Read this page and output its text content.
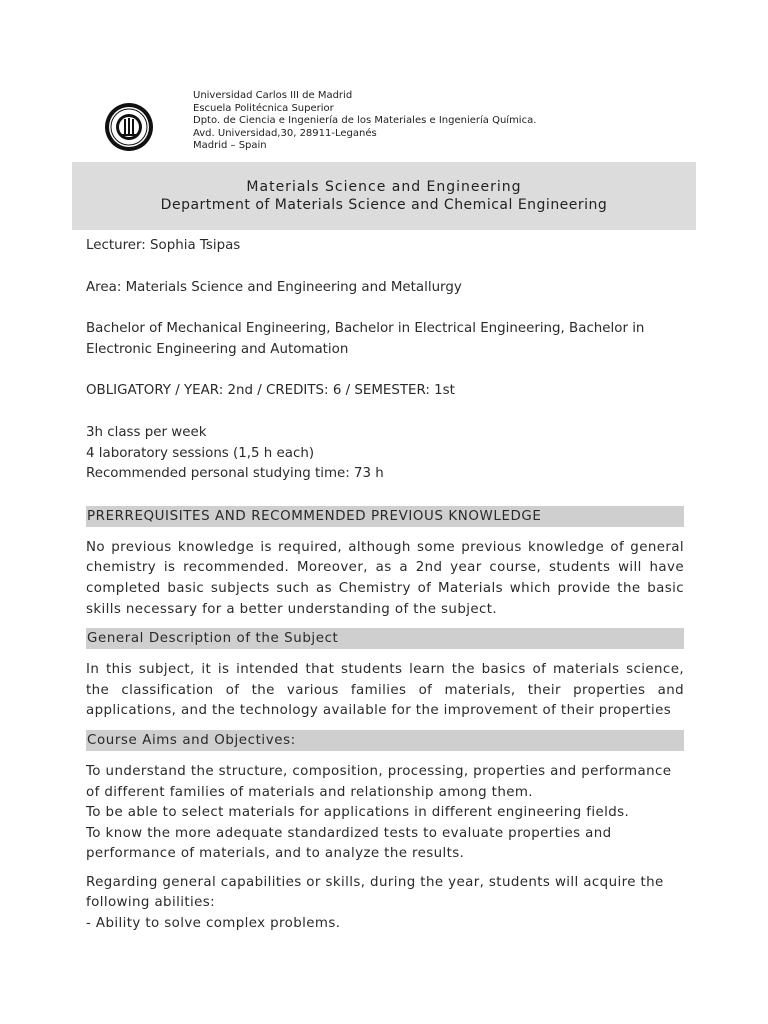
Universidad Carlos III de Madrid
Escuela Politécnica Superior
Dpto. de Ciencia e Ingeniería de los Materiales e Ingeniería Química.
Avd. Universidad,30, 28911-Leganés
Madrid – Spain
Materials Science and Engineering
Department of Materials Science and Chemical Engineering

Lecturer: Sophia Tsipas

Area: Materials Science and Engineering and Metallurgy

Bachelor of Mechanical Engineering, Bachelor in Electrical Engineering, Bachelor in Electronic Engineering and Automation

OBLIGATORY / YEAR: 2nd / CREDITS: 6 / SEMESTER: 1st

3h class per week
4 laboratory sessions (1,5 h each)
Recommended personal studying time: 73 h

PRERREQUISITES AND RECOMMENDED PREVIOUS KNOWLEDGE

No previous knowledge is required, although some previous knowledge of general chemistry is recommended. Moreover, as a 2nd year course, students will have completed basic subjects such as Chemistry of Materials which provide the basic skills necessary for a better understanding of the subject.

General Description of the Subject

In this subject, it is intended that students learn the basics of materials science, the classification of the various families of materials, their properties and applications, and the technology available for the improvement of their properties

Course Aims and Objectives:

To understand the structure, composition, processing, properties and performance of different families of materials and relationship among them.
To be able to select materials for applications in different engineering fields.
To know the more adequate standardized tests to evaluate properties and performance of materials, and to analyze the results.

Regarding general capabilities or skills, during the year, students will acquire the following abilities:
- Ability to solve complex problems.
